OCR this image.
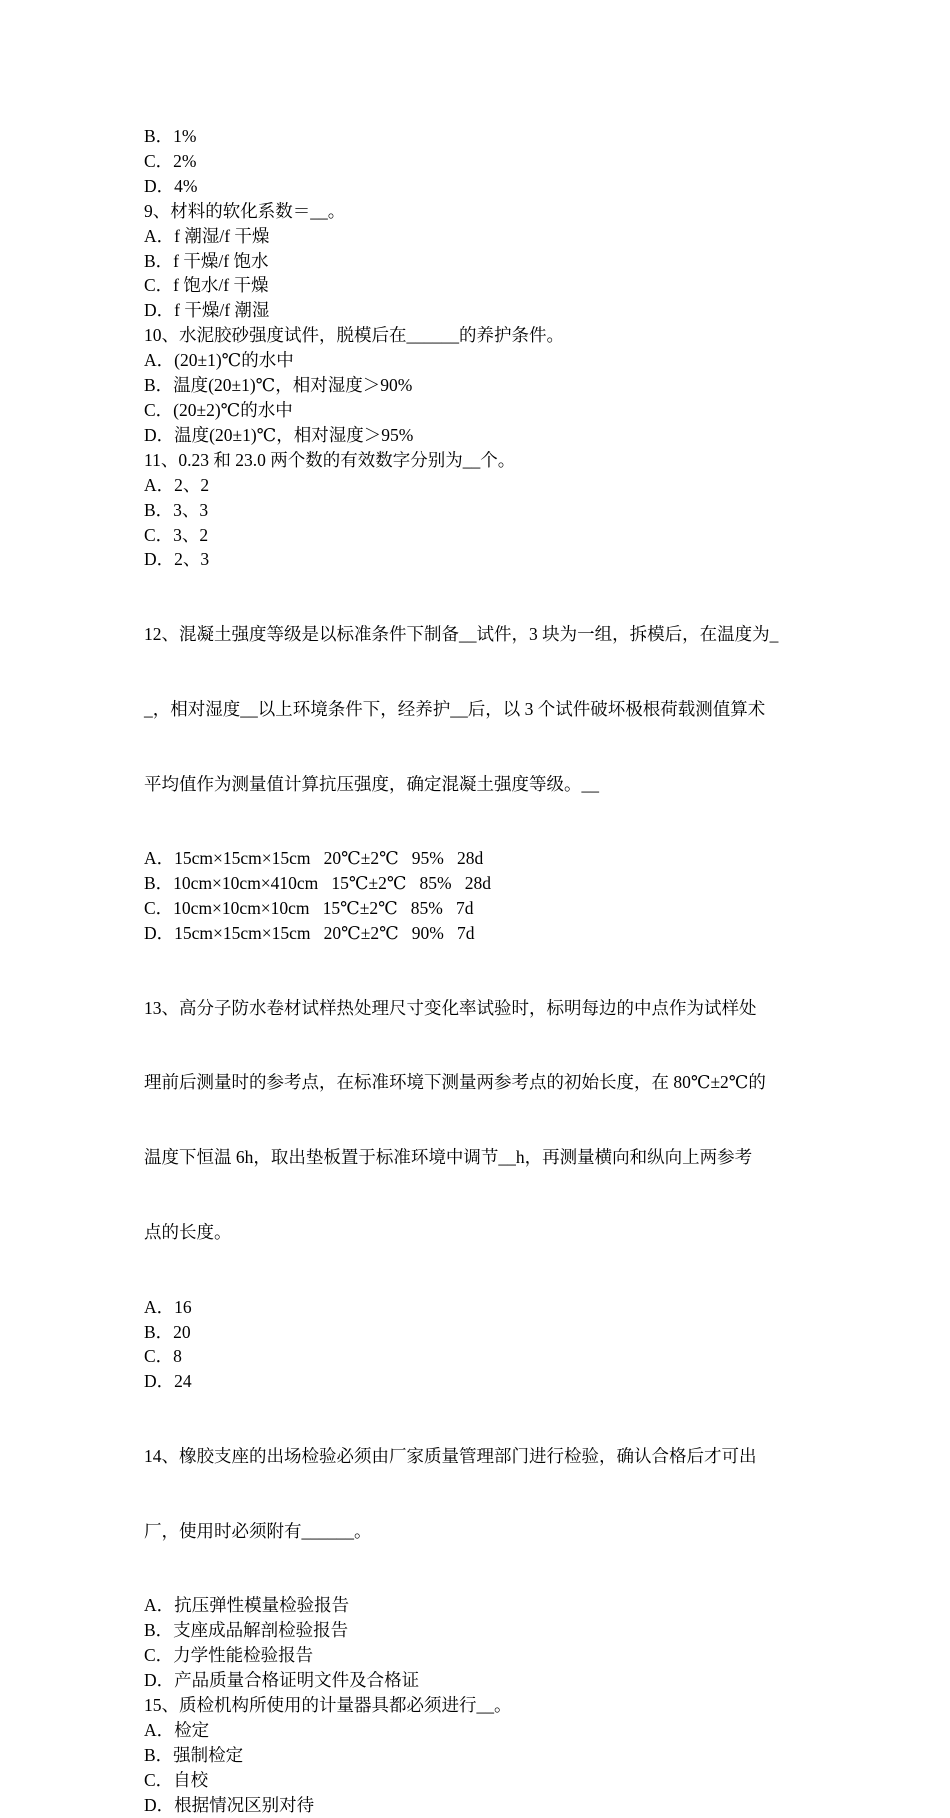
B．1%

C．2%

D．4%

9、材料的软化系数＝__。

A．f 潮湿/f 干燥

B．f 干燥/f 饱水

C．f 饱水/f 干燥

D．f 干燥/f 潮湿

10、水泥胶砂强度试件，脱模后在______的养护条件。

A．(20±1)℃的水中

B．温度(20±1)℃，相对湿度＞90%

C．(20±2)℃的水中

D．温度(20±1)℃，相对湿度＞95%

11、0.23 和 23.0 两个数的有效数字分别为__个。

A．2、2

B．3、3

C．3、2

D．2、3

12、混凝土强度等级是以标准条件下制备__试件，3 块为一组，拆模后，在温度为_

_，相对湿度__以上环境条件下，经养护__后，以 3 个试件破坏极根荷载测值算术

平均值作为测量值计算抗压强度，确定混凝土强度等级。__

A．15cm×15cm×15cm   20℃±2℃   95%   28d

B．10cm×10cm×410cm   15℃±2℃   85%   28d

C．10cm×10cm×10cm   15℃±2℃   85%   7d

D．15cm×15cm×15cm   20℃±2℃   90%   7d

13、高分子防水卷材试样热处理尺寸变化率试验时，标明每边的中点作为试样处

理前后测量时的参考点，在标准环境下测量两参考点的初始长度，在 80℃±2℃的

温度下恒温 6h，取出垫板置于标准环境中调节__h，再测量横向和纵向上两参考

点的长度。

A．16

B．20

C．8

D．24

14、橡胶支座的出场检验必须由厂家质量管理部门进行检验，确认合格后才可出

厂，使用时必须附有______。

A．抗压弹性模量检验报告

B．支座成品解剖检验报告

C．力学性能检验报告

D．产品质量合格证明文件及合格证

15、质检机构所使用的计量器具都必须进行__。

A．检定

B．强制检定

C．自校

D．根据情况区别对待
